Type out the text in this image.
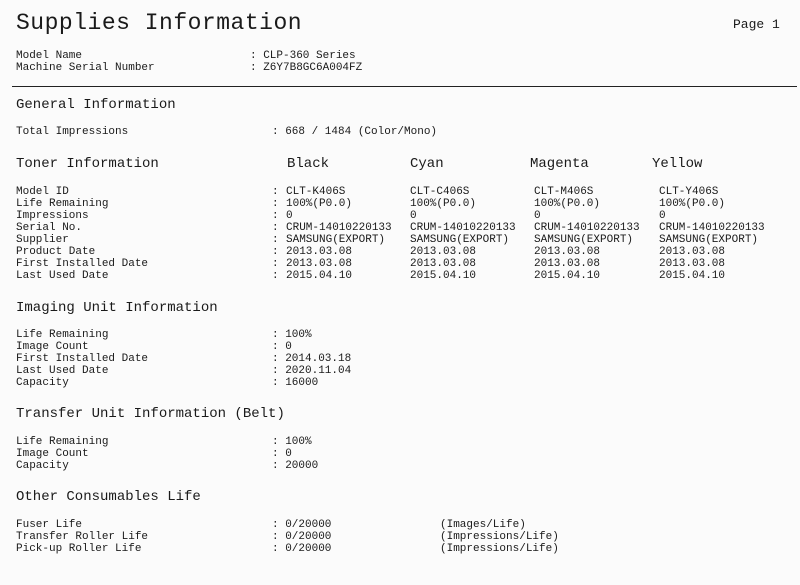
Supplies Information	Page 1
Model Name	: CLP-360 Series
Machine Serial Number	: Z6Y7B8GC6A004FZ
General Information
Total Impressions	: 668 / 1484 (Color/Mono)
Toner Information	Black	Cyan	Magenta	Yellow
Model ID	: CLT-K406S	CLT-C406S	CLT-M406S	CLT-Y406S
Life Remaining	: 100%(P0.0)	100%(P0.0)	100%(P0.0)	100%(P0.0)
Impressions	: 0	0	0	0
Serial No.	: CRUM-14010220133 CRUM-14010220133 CRUM-14010220133 CRUM-14010220133
Supplier	: SAMSUNG(EXPORT) SAMSUNG(EXPORT) SAMSUNG(EXPORT) SAMSUNG(EXPORT)
Product Date	: 2013.03.08	2013.03.08	2013.03.08	2013.03.08
First Installed Date	: 2013.03.08	2013.03.08	2013.03.08	2013.03.08
Last Used Date	: 2015.04.10	2015.04.10	2015.04.10	2015.04.10
Imaging Unit Information
Life Remaining	: 100%
Image Count	: 0
First Installed Date	: 2014.03.18
Last Used Date	: 2020.11.04
Capacity	: 16000
Transfer Unit Information (Belt)
Life Remaining	: 100%
Image Count	: 0
Capacity	: 20000
Other Consumables Life
Fuser Life	: 0/20000	(Images/Life)
Transfer Roller Life	: 0/20000	(Impressions/Life)
Pick-up Roller Life	: 0/20000	(Impressions/Life)
